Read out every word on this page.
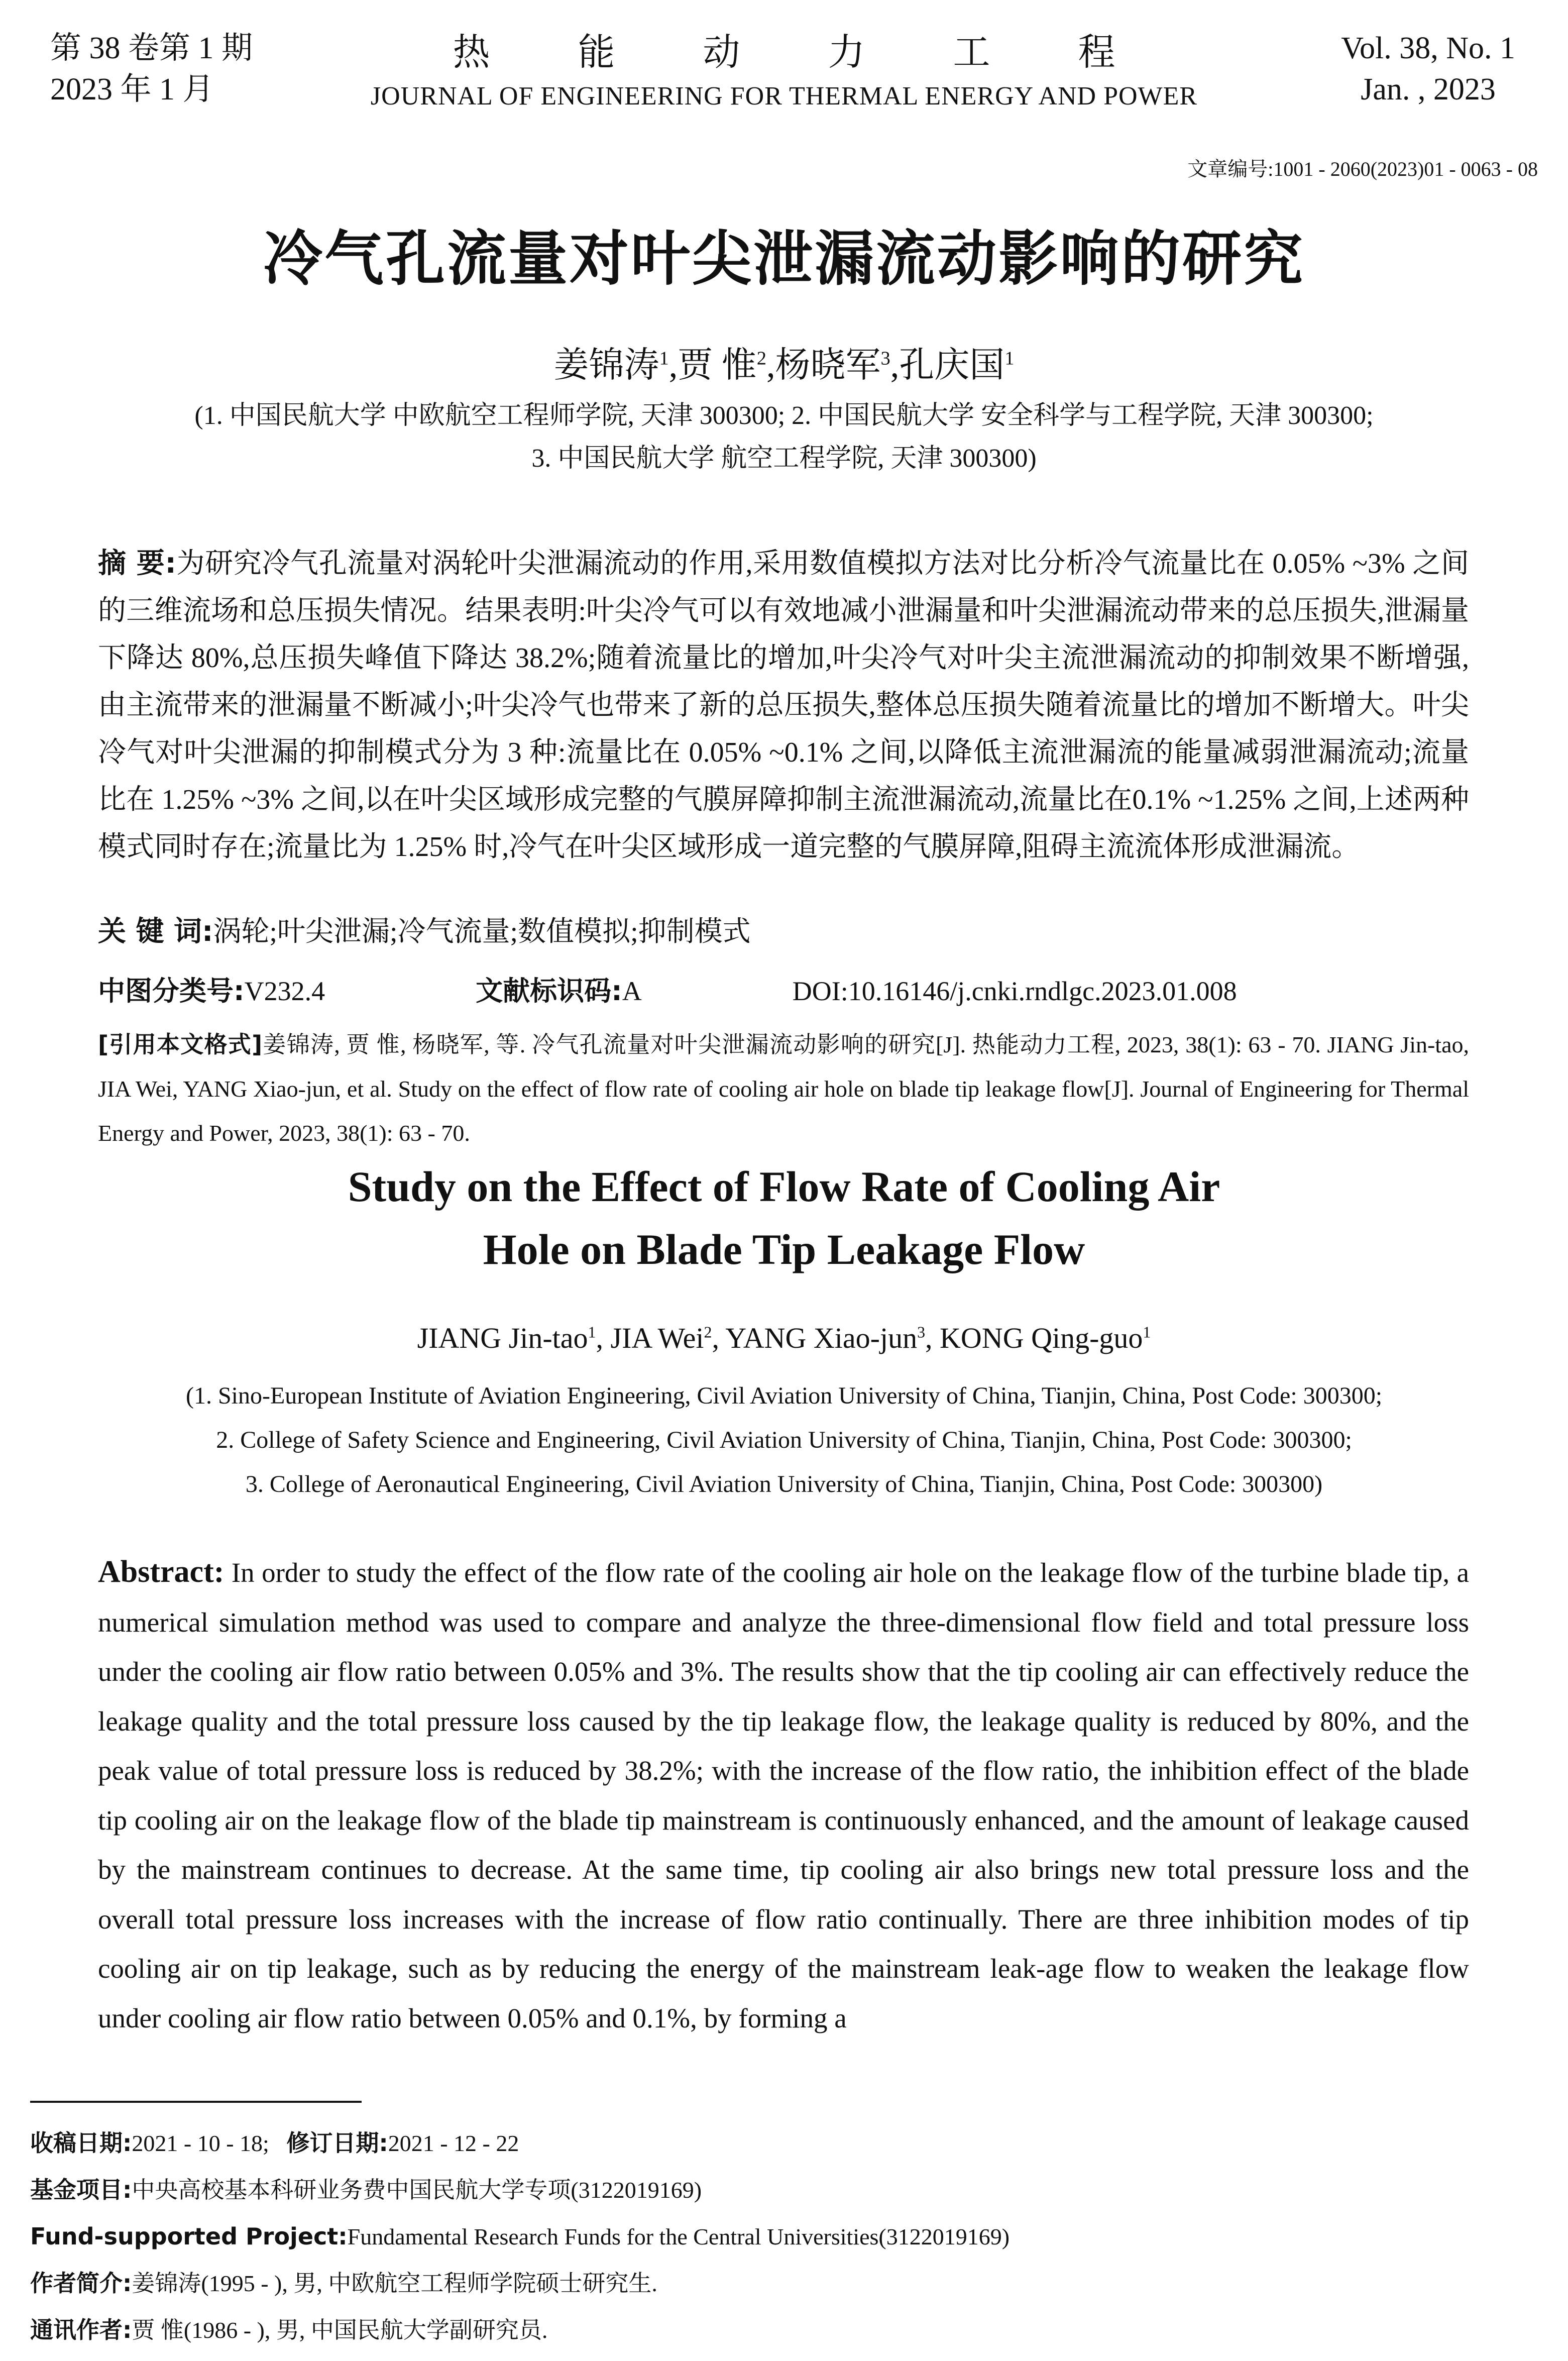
第 38 卷第 1 期
2023 年 1 月
热能动力工程
JOURNAL OF ENGINEERING FOR THERMAL ENERGY AND POWER
Vol. 38, No. 1
Jan. , 2023
文章编号:1001 - 2060(2023)01 - 0063 - 08
冷气孔流量对叶尖泄漏流动影响的研究
姜锦涛$^1$,贾 惟$^2$,杨晓军$^3$,孔庆国$^1$
(1. 中国民航大学 中欧航空工程师学院, 天津 300300; 2. 中国民航大学 安全科学与工程学院, 天津 300300;
3. 中国民航大学 航空工程学院, 天津 300300)
摘 要:为研究冷气孔流量对涡轮叶尖泄漏流动的作用,采用数值模拟方法对比分析冷气流量比在 0.05% ~3% 之间的三维流场和总压损失情况。结果表明:叶尖冷气可以有效地减小泄漏量和叶尖泄漏流动带来的总压损失,泄漏量下降达 80%,总压损失峰值下降达 38.2%;随着流量比的增加,叶尖冷气对叶尖主流泄漏流动的抑制效果不断增强,由主流带来的泄漏量不断减小;叶尖冷气也带来了新的总压损失,整体总压损失随着流量比的增加不断增大。叶尖冷气对叶尖泄漏的抑制模式分为 3 种:流量比在 0.05% ~0.1% 之间,以降低主流泄漏流的能量减弱泄漏流动;流量比在 1.25% ~3% 之间,以在叶尖区域形成完整的气膜屏障抑制主流泄漏流动,流量比在0.1% ~1.25% 之间,上述两种模式同时存在;流量比为 1.25% 时,冷气在叶尖区域形成一道完整的气膜屏障,阻碍主流流体形成泄漏流。
关 键 词:涡轮;叶尖泄漏;冷气流量;数值模拟;抑制模式
中图分类号:V232.4	文献标识码:A	DOI:10.16146/j.cnki.rndlgc.2023.01.008
[引用本文格式]姜锦涛, 贾 惟, 杨晓军, 等. 冷气孔流量对叶尖泄漏流动影响的研究[J]. 热能动力工程, 2023, 38(1): 63 - 70. JIANG Jin-tao, JIA Wei, YANG Xiao-jun, et al. Study on the effect of flow rate of cooling air hole on blade tip leakage flow[J]. Journal of Engineering for Thermal Energy and Power, 2023, 38(1): 63 - 70.
Study on the Effect of Flow Rate of Cooling Air
Hole on Blade Tip Leakage Flow
JIANG Jin-tao$^1$, JIA Wei$^2$, YANG Xiao-jun$^3$, KONG Qing-guo$^1$
(1. Sino-European Institute of Aviation Engineering, Civil Aviation University of China, Tianjin, China, Post Code: 300300;
2. College of Safety Science and Engineering, Civil Aviation University of China, Tianjin, China, Post Code: 300300;
3. College of Aeronautical Engineering, Civil Aviation University of China, Tianjin, China, Post Code: 300300)
Abstract: In order to study the effect of the flow rate of the cooling air hole on the leakage flow of the turbine blade tip, a numerical simulation method was used to compare and analyze the three-dimensional flow field and total pressure loss under the cooling air flow ratio between 0.05% and 3%. The results show that the tip cooling air can effectively reduce the leakage quality and the total pressure loss caused by the tip leakage flow, the leakage quality is reduced by 80%, and the peak value of total pressure loss is reduced by 38.2%; with the increase of the flow ratio, the inhibition effect of the blade tip cooling air on the leakage flow of the blade tip mainstream is continuously enhanced, and the amount of leakage caused by the mainstream continues to decrease. At the same time, tip cooling air also brings new total pressure loss and the overall total pressure loss increases with the increase of flow ratio continually. There are three inhibition modes of tip cooling air on tip leakage, such as by reducing the energy of the mainstream leak-age flow to weaken the leakage flow under cooling air flow ratio between 0.05% and 0.1%, by forming a
收稿日期:2021 - 10 - 18; 修订日期:2021 - 12 - 22
基金项目:中央高校基本科研业务费中国民航大学专项(3122019169)
Fund-supported Project:Fundamental Research Funds for the Central Universities(3122019169)
作者简介:姜锦涛(1995 - ), 男, 中欧航空工程师学院硕士研究生.
通讯作者:贾 惟(1986 - ), 男, 中国民航大学副研究员.
